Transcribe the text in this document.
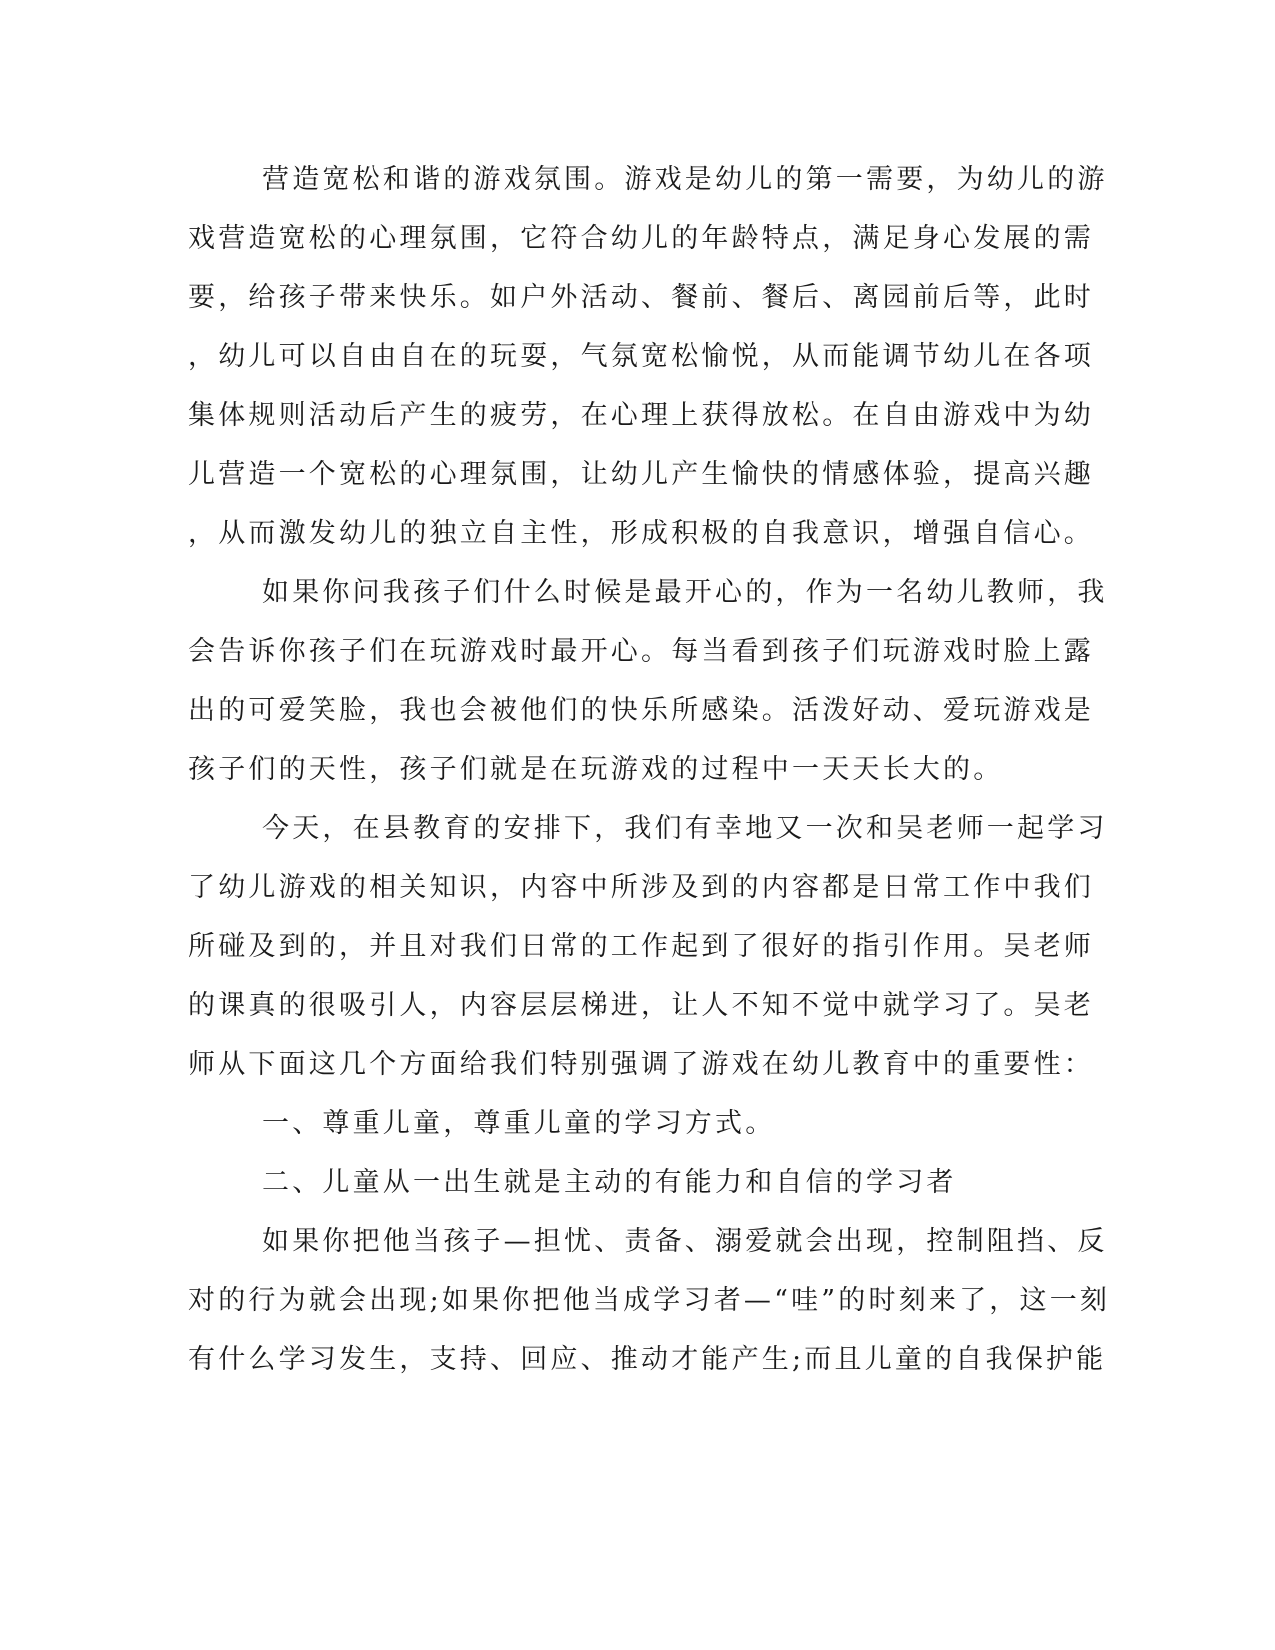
营造宽松和谐的游戏氛围。游戏是幼儿的第一需要，为幼儿的游
戏营造宽松的心理氛围，它符合幼儿的年龄特点，满足身心发展的需
要，给孩子带来快乐。如户外活动、餐前、餐后、离园前后等，此时
，幼儿可以自由自在的玩耍，气氛宽松愉悦，从而能调节幼儿在各项
集体规则活动后产生的疲劳，在心理上获得放松。在自由游戏中为幼
儿营造一个宽松的心理氛围，让幼儿产生愉快的情感体验，提高兴趣
，从而激发幼儿的独立自主性，形成积极的自我意识，增强自信心。
如果你问我孩子们什么时候是最开心的，作为一名幼儿教师，我
会告诉你孩子们在玩游戏时最开心。每当看到孩子们玩游戏时脸上露
出的可爱笑脸，我也会被他们的快乐所感染。活泼好动、爱玩游戏是
孩子们的天性，孩子们就是在玩游戏的过程中一天天长大的。
今天，在县教育的安排下，我们有幸地又一次和吴老师一起学习
了幼儿游戏的相关知识，内容中所涉及到的内容都是日常工作中我们
所碰及到的，并且对我们日常的工作起到了很好的指引作用。吴老师
的课真的很吸引人，内容层层梯进，让人不知不觉中就学习了。吴老
师从下面这几个方面给我们特别强调了游戏在幼儿教育中的重要性：
一、尊重儿童，尊重儿童的学习方式。
二、儿童从一出生就是主动的有能力和自信的学习者
如果你把他当孩子—担忧、责备、溺爱就会出现，控制阻挡、反
对的行为就会出现;如果你把他当成学习者—“哇”的时刻来了，这一刻
有什么学习发生，支持、回应、推动才能产生;而且儿童的自我保护能
